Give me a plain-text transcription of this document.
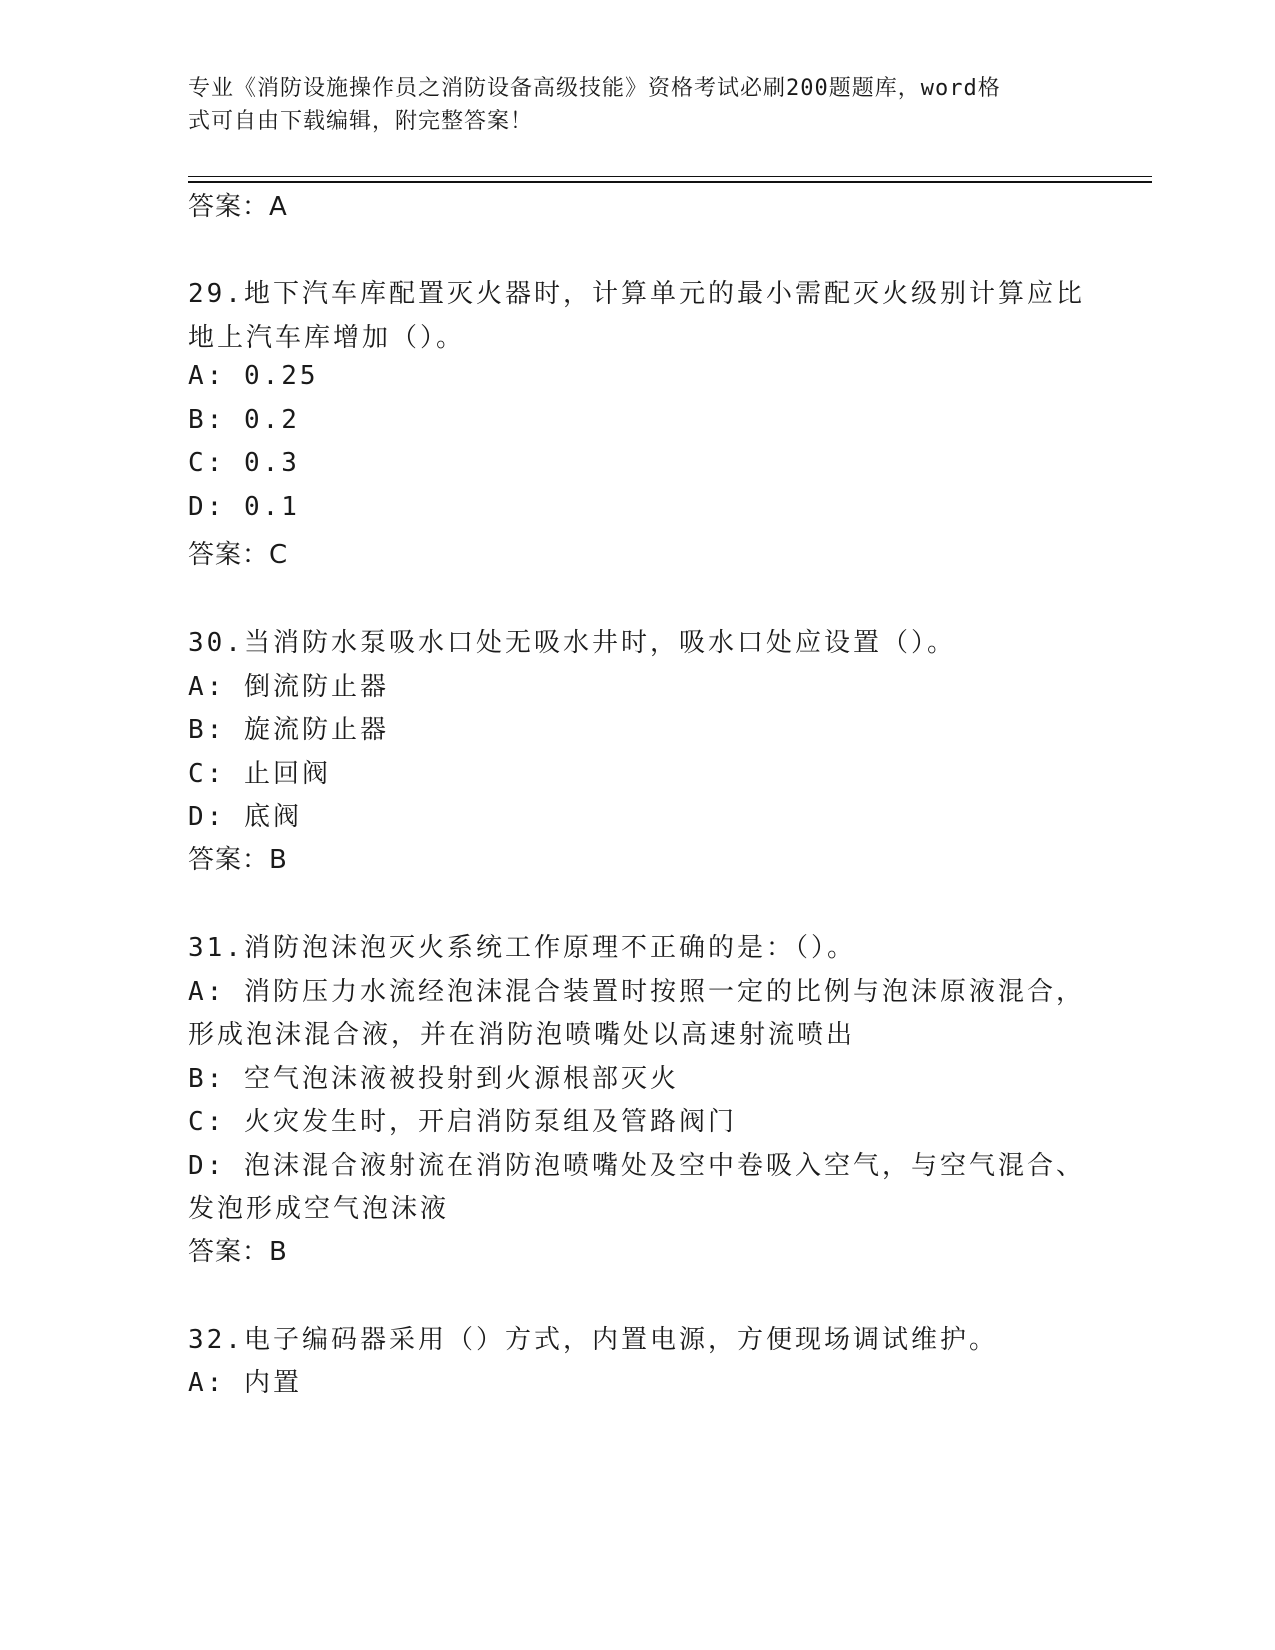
专业《消防设施操作员之消防设备高级技能》资格考试必刷200题题库，word格
式可自由下载编辑，附完整答案！
答案：A
29.地下汽车库配置灭火器时，计算单元的最小需配灭火级别计算应比
地上汽车库增加（）。
A: 0.25
B: 0.2
C: 0.3
D: 0.1
答案：C
30.当消防水泵吸水口处无吸水井时，吸水口处应设置（）。
A: 倒流防止器
B: 旋流防止器
C: 止回阀
D: 底阀
答案：B
31.消防泡沫泡灭火系统工作原理不正确的是：（）。
A: 消防压力水流经泡沫混合装置时按照一定的比例与泡沫原液混合，
形成泡沫混合液，并在消防泡喷嘴处以高速射流喷出
B: 空气泡沫液被投射到火源根部灭火
C: 火灾发生时，开启消防泵组及管路阀门
D: 泡沫混合液射流在消防泡喷嘴处及空中卷吸入空气，与空气混合、
发泡形成空气泡沫液
答案：B
32.电子编码器采用（）方式，内置电源，方便现场调试维护。
A: 内置
